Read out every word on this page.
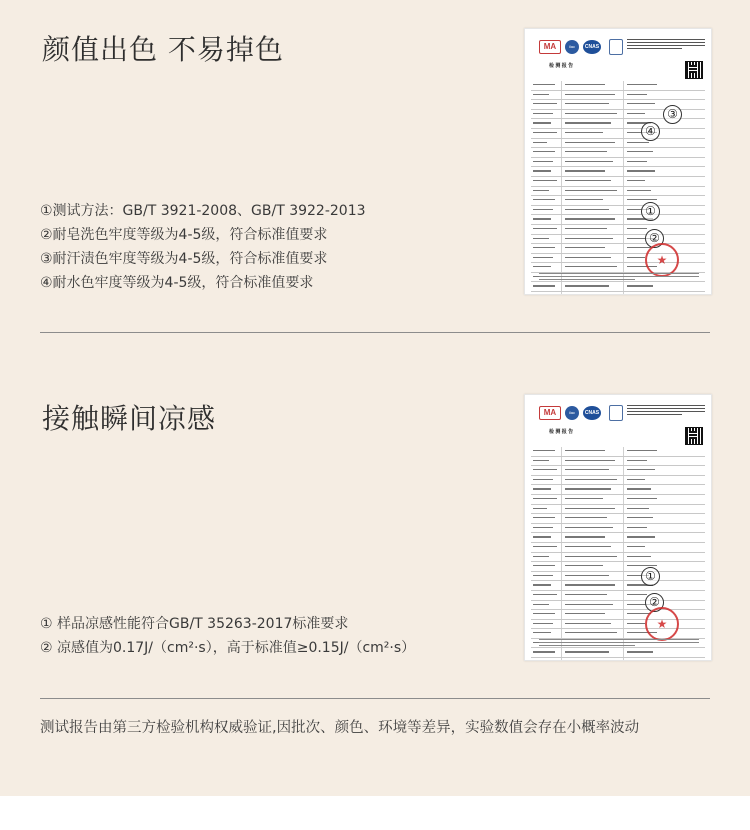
颜值出色 不易掉色
①测试方法：GB/T 3921-2008、GB/T 3922-2013
②耐皂洗色牢度等级为4-5级，符合标准值要求
③耐汗渍色牢度等级为4-5级，符合标准值要求
④耐水色牢度等级为4-5级，符合标准值要求
MA	ilac	CNAS
检 测 报 告
③
④
①
②
★
接触瞬间凉感
① 样品凉感性能符合GB/T 35263-2017标准要求
② 凉感值为0.17J/（cm²·s），高于标准值≥0.15J/（cm²·s）
MA	ilac	CNAS
检 测 报 告
①
②
★
测试报告由第三方检验机构权威验证,因批次、颜色、环境等差异，实验数值会存在小概率波动
